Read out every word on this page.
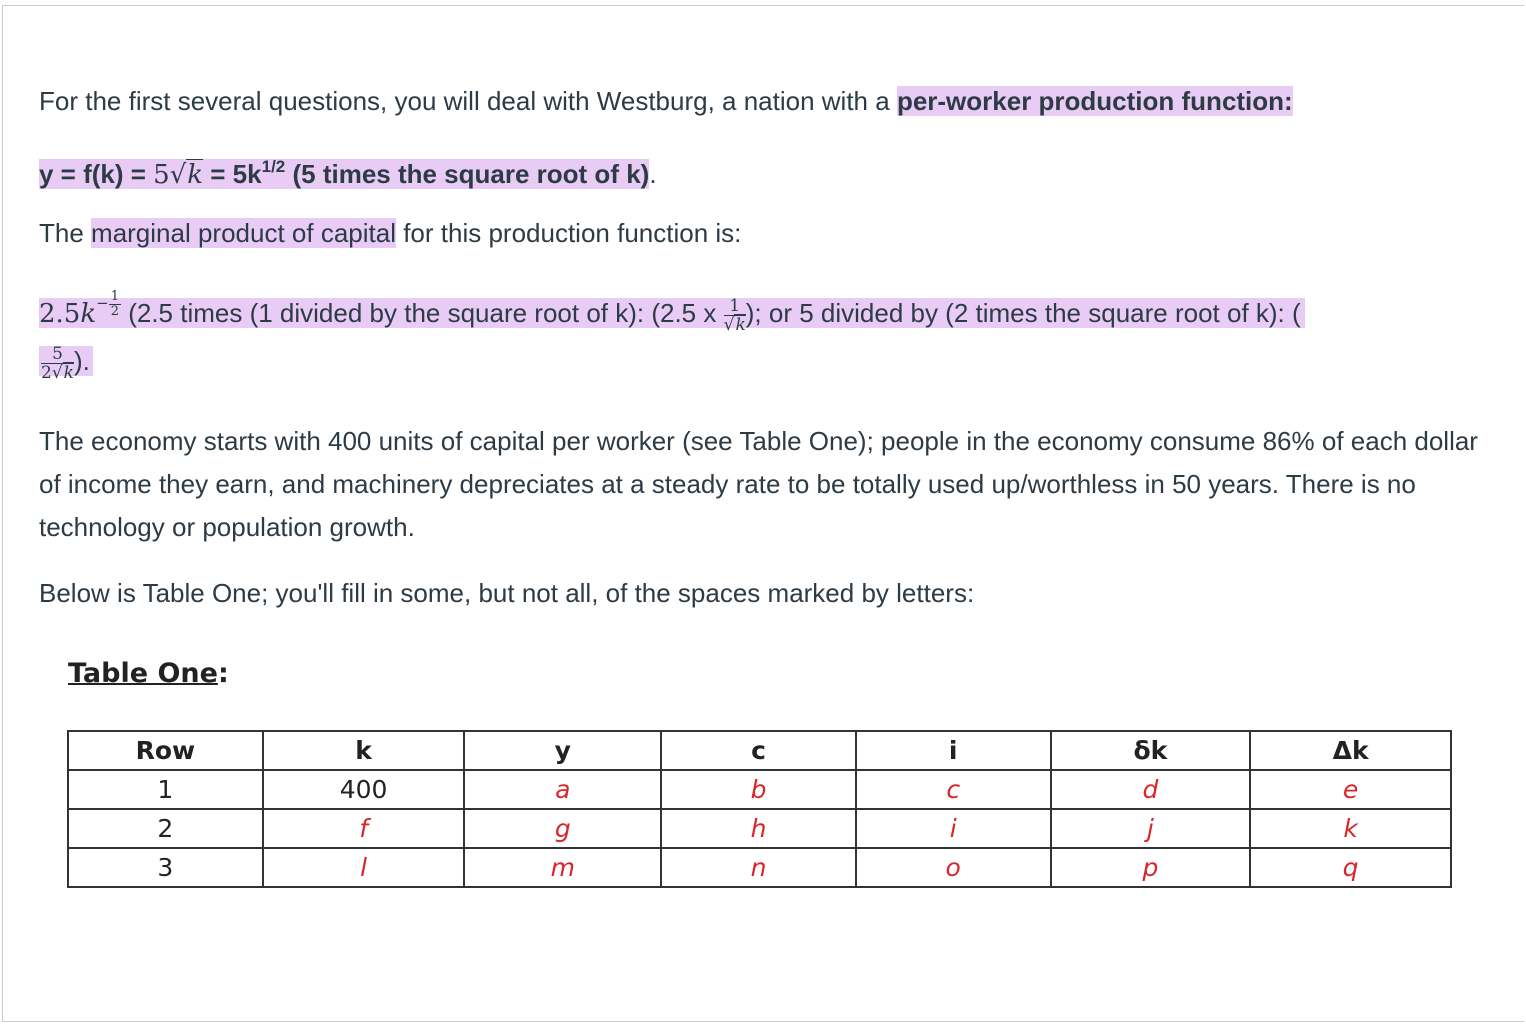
For the first several questions, you will deal with Westburg, a nation with a per-worker production function:
$y = f(k) = 5√k = 5k^{1/2}$ (5 times the square root of k).
The marginal product of capital for this production function is:
$2.5k- \frac{1}{2} (2.5$ times (1 divided by the square root of k): (2.5 x $\frac{1}{√k}$ ); or 5 divided by (2 times the square root of k): (
$\frac{5}{2√k}$ ).
The economy starts with 400 units of capital per worker (see Table One); people in the economy consume 86% of each dollar of income they earn, and machinery depreciates at a steady rate to be totally used up/worthless in 50 years. There is no technology or population growth.
Below is Table One; you'll fill in some, but not all, of the spaces marked by letters:
Table One:
Row	k	y	c	i	δk	Δk
1	400	a	b	c	d	e
2	f	g	h	i	j	k
3	l	m	n	o	p	q
